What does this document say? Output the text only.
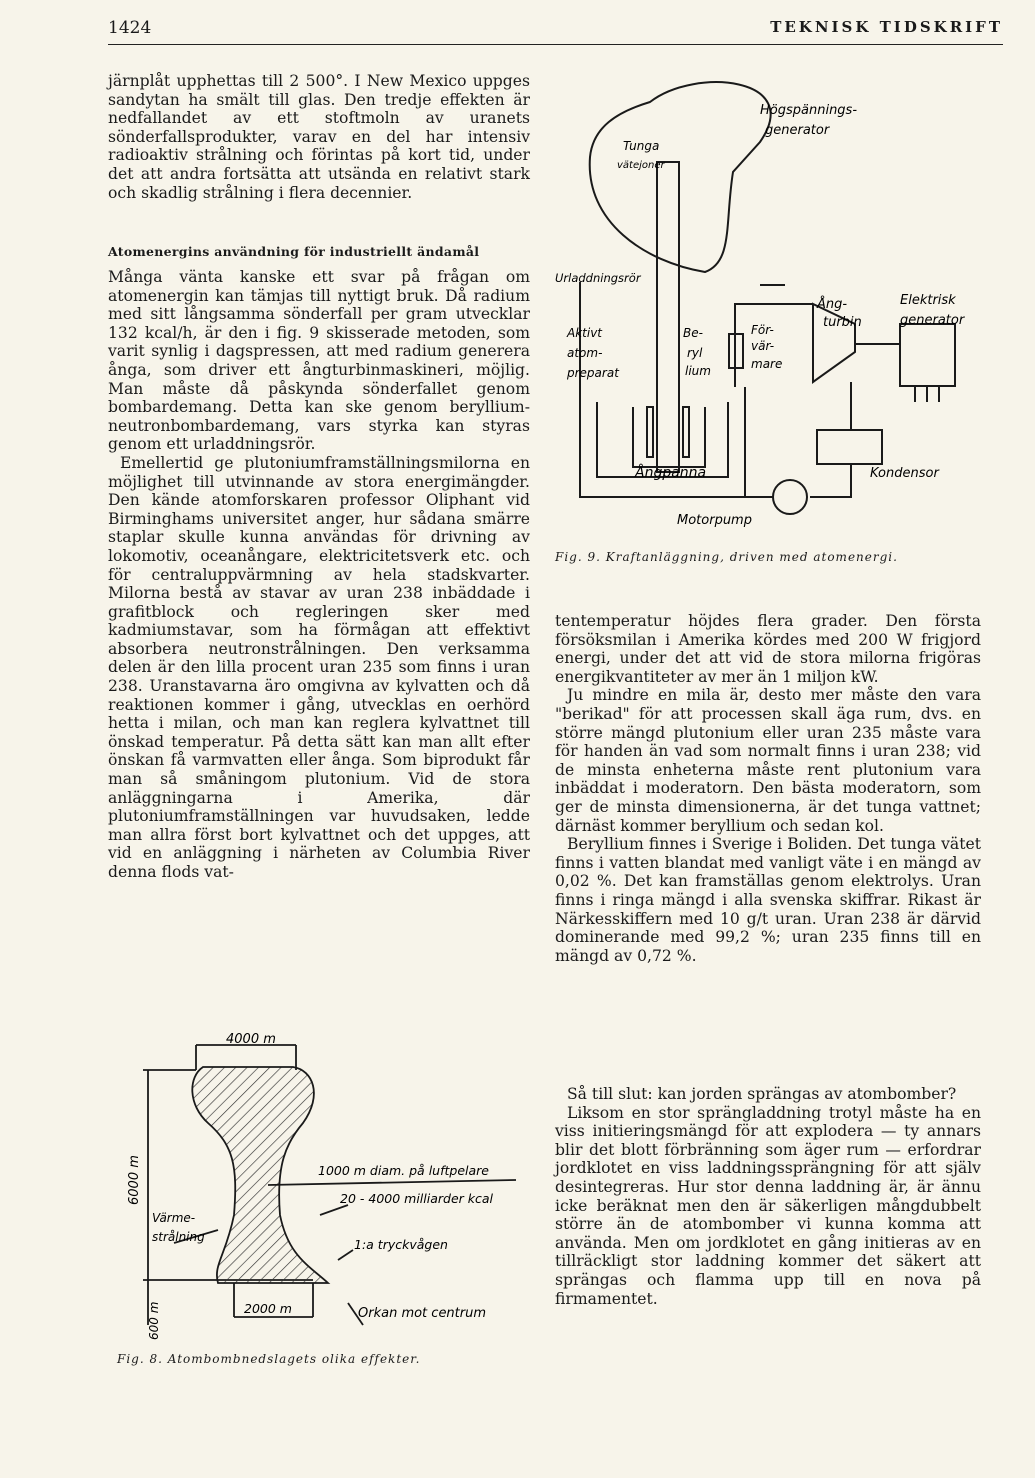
1424	TEKNISK TIDSKRIFT

järnplåt upphettas till 2 500°. I New Mexico uppges sandytan ha smält till glas. Den tredje effekten är nedfallandet av ett stoftmoln av uranets sönderfallsprodukter, varav en del har intensiv radioaktiv strålning och förintas på kort tid, under det att andra fortsätta att utsända en relativt stark och skadlig strålning i flera decennier.

Atomenergins användning för industriellt ändamål

Många vänta kanske ett svar på frågan om atomenergin kan tämjas till nyttigt bruk. Då radium med sitt långsamma sönderfall per gram utvecklar 132 kcal/h, är den i fig. 9 skisserade metoden, som varit synlig i dagspressen, att med radium generera ånga, som driver ett ångturbinmaskineri, möjlig. Man måste då påskynda sönderfallet genom bombardemang. Detta kan ske genom beryllium-neutronbombardemang, vars styrka kan styras genom ett urladdningsrör.

Emellertid ge plutoniumframställningsmilorna en möjlighet till utvinnande av stora energimängder. Den kände atomforskaren professor Oliphant vid Birminghams universitet anger, hur sådana smärre staplar skulle kunna användas för drivning av lokomotiv, oceanångare, elektricitetsverk etc. och för centraluppvärmning av hela stadskvarter. Milorna bestå av stavar av uran 238 inbäddade i grafitblock och regleringen sker med kadmiumstavar, som ha förmågan att effektivt absorbera neutronstrålningen. Den verksamma delen är den lilla procent uran 235 som finns i uran 238. Uranstavarna äro omgivna av kylvatten och då reaktionen kommer i gång, utvecklas en oerhörd hetta i milan, och man kan reglera kylvattnet till önskad temperatur. På detta sätt kan man allt efter önskan få varmvatten eller ånga. Som biprodukt får man så småningom plutonium. Vid de stora anläggningarna i Amerika, där plutoniumframställningen var huvudsaken, ledde man allra först bort kylvattnet och det uppges, att vid en anläggning i närheten av Columbia River denna flods vat-

Tunga
vätejoner
Högspännings-
generator
Urladdningsrör
Aktivt
atom-
preparat
Be-
ryl
lium
För-
vär-
mare
Ång-
turbin
Elektrisk
generator
Ångpanna	Kondensor
Motorpump
Fig. 9. Kraftanläggning, driven med atomenergi.

tentemperatur höjdes flera grader. Den första försöksmilan i Amerika kördes med 200 W frigjord energi, under det att vid de stora milorna frigöras energikvantiteter av mer än 1 miljon kW.

Ju mindre en mila är, desto mer måste den vara "berikad" för att processen skall äga rum, dvs. en större mängd plutonium eller uran 235 måste vara för handen än vad som normalt finns i uran 238; vid de minsta enheterna måste rent plutonium vara inbäddat i moderatorn. Den bästa moderatorn, som ger de minsta dimensionerna, är det tunga vattnet; därnäst kommer beryllium och sedan kol.

Beryllium finnes i Sverige i Boliden. Det tunga vätet finns i vatten blandat med vanligt väte i en mängd av 0,02 %. Det kan framställas genom elektrolys. Uran finns i ringa mängd i alla svenska skiffrar. Rikast är Närkesskiffern med 10 g/t uran. Uran 238 är därvid dominerande med 99,2 %; uran 235 finns till en mängd av 0,72 %.

Så till slut: kan jorden sprängas av atombomber?

Liksom en stor sprängladdning trotyl måste ha en viss initieringsmängd för att explodera — ty annars blir det blott förbränning som äger rum — erfordrar jordklotet en viss laddningssprängning för att själv desintegreras. Hur stor denna laddning är, är ännu icke beräknat men den är säkerligen mångdubbelt större än de atombomber vi kunna komma att använda. Men om jordklotet en gång initieras av en tillräckligt stor laddning kommer det säkert att sprängas och flamma upp till en nova på firmamentet.

4000 m
6000 m	1000 m diam. på luftpelare
20 - 4000 milliarder kcal
Värme-
strålning	1:a tryckvågen
600 m	2000 m	Orkan mot centrum
Fig. 8. Atombombnedslagets olika effekter.
